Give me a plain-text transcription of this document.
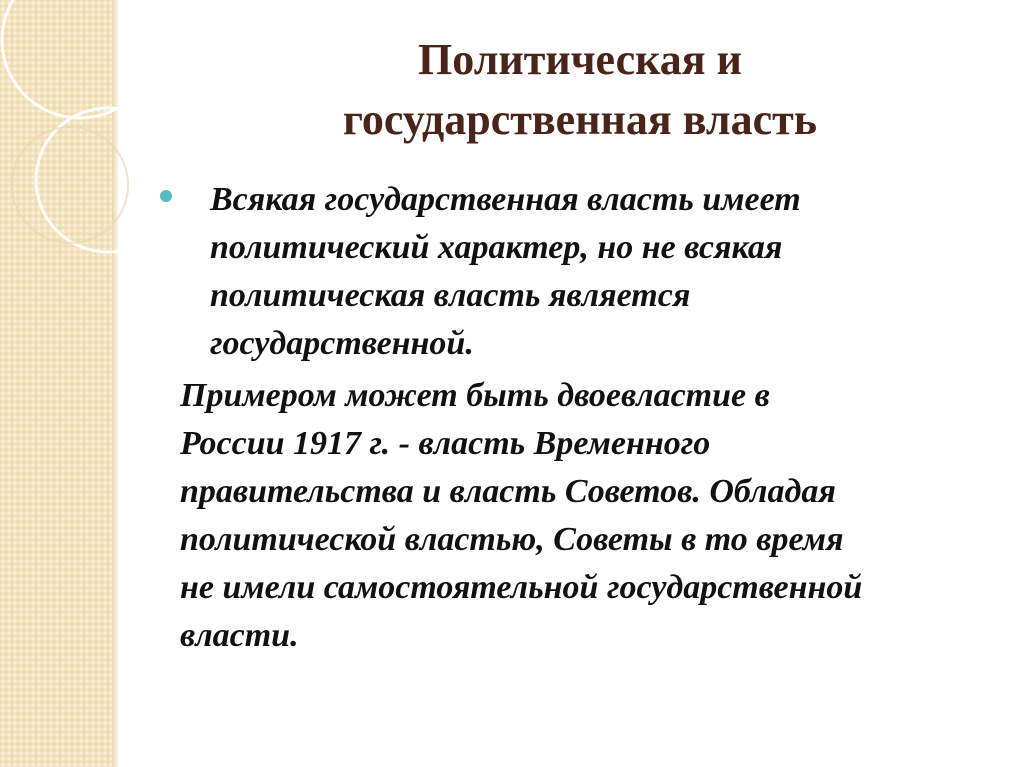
Политическая и
государственная власть
Всякая государственная власть имеет
политический характер, но не всякая
политическая власть является
государственной.
Примером может быть двоевластие в
России 1917 г. - власть Временного
правительства и власть Советов. Обладая
политической властью, Советы в то время
не имели самостоятельной государственной
власти.
